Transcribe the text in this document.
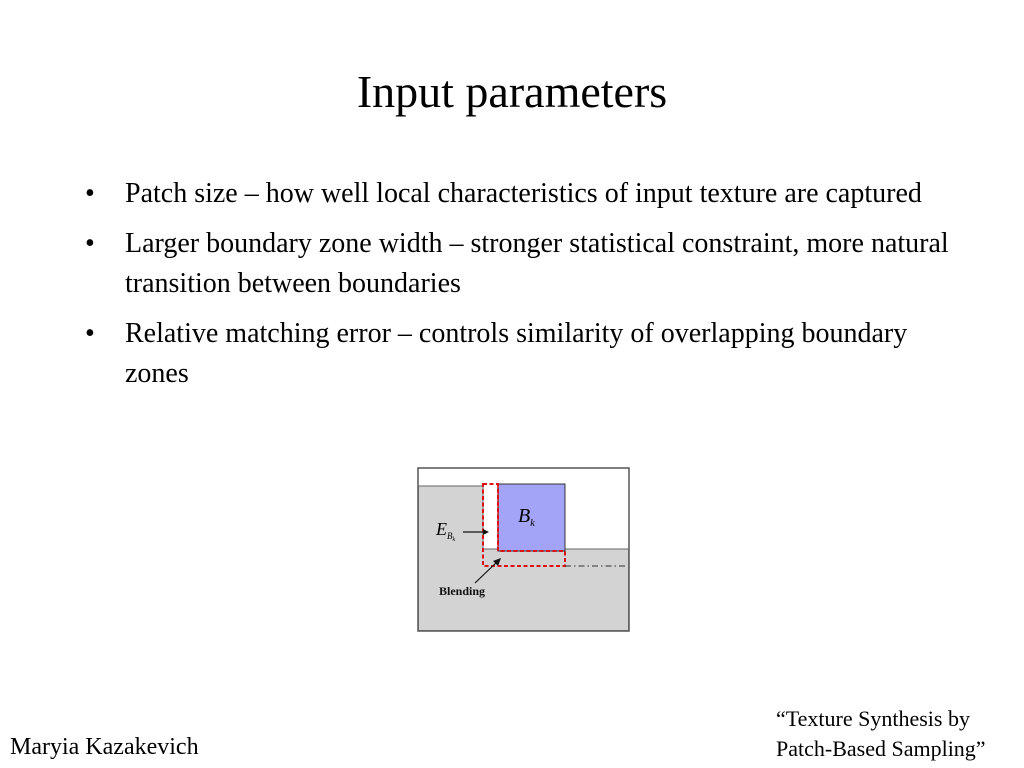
Input parameters
• Patch size – how well local characteristics of input texture are captured
• Larger boundary zone width – stronger statistical constraint, more natural transition between boundaries
• Relative matching error – controls similarity of overlapping boundary zones
$B_k$
$E_Bk$
Blending
Maryia Kazakevich
“Texture Synthesis by
Patch-Based Sampling”
